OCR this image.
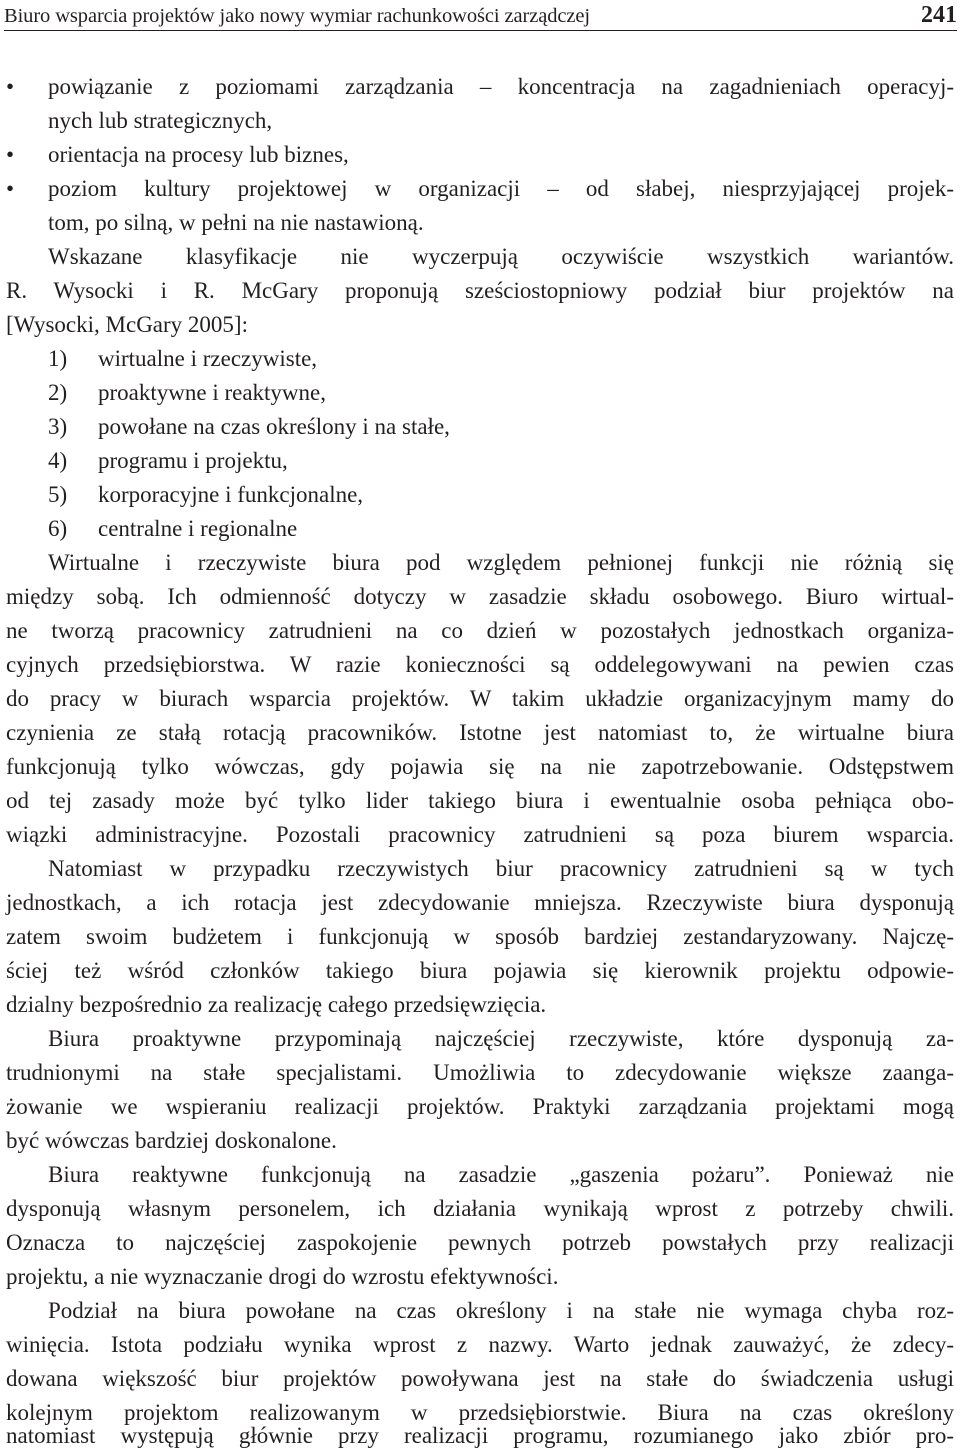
Biuro wsparcia projektów jako nowy wymiar rachunkowości zarządczej	241
• powiązanie z poziomami zarządzania – koncentracja na zagadnieniach operacyj-
nych lub strategicznych,
• orientacja na procesy lub biznes,
• poziom kultury projektowej w organizacji – od słabej, niesprzyjającej projek-
tom, po silną, w pełni na nie nastawioną.
Wskazane klasyfikacje nie wyczerpują oczywiście wszystkich wariantów.
R. Wysocki i R. McGary proponują sześciostopniowy podział biur projektów na
[Wysocki, McGary 2005]:
1) wirtualne i rzeczywiste,
2) proaktywne i reaktywne,
3) powołane na czas określony i na stałe,
4) programu i projektu,
5) korporacyjne i funkcjonalne,
6) centralne i regionalne
Wirtualne i rzeczywiste biura pod względem pełnionej funkcji nie różnią się
między sobą. Ich odmienność dotyczy w zasadzie składu osobowego. Biuro wirtual-
ne tworzą pracownicy zatrudnieni na co dzień w pozostałych jednostkach organiza-
cyjnych przedsiębiorstwa. W razie konieczności są oddelegowywani na pewien czas
do pracy w biurach wsparcia projektów. W takim układzie organizacyjnym mamy do
czynienia ze stałą rotacją pracowników. Istotne jest natomiast to, że wirtualne biura
funkcjonują tylko wówczas, gdy pojawia się na nie zapotrzebowanie. Odstępstwem
od tej zasady może być tylko lider takiego biura i ewentualnie osoba pełniąca obo-
wiązki administracyjne. Pozostali pracownicy zatrudnieni są poza biurem wsparcia.
Natomiast w przypadku rzeczywistych biur pracownicy zatrudnieni są w tych
jednostkach, a ich rotacja jest zdecydowanie mniejsza. Rzeczywiste biura dysponują
zatem swoim budżetem i funkcjonują w sposób bardziej zestandaryzowany. Najczę-
ściej też wśród członków takiego biura pojawia się kierownik projektu odpowie-
dzialny bezpośrednio za realizację całego przedsięwzięcia.
Biura proaktywne przypominają najczęściej rzeczywiste, które dysponują za-
trudnionymi na stałe specjalistami. Umożliwia to zdecydowanie większe zaanga-
żowanie we wspieraniu realizacji projektów. Praktyki zarządzania projektami mogą
być wówczas bardziej doskonalone.
Biura reaktywne funkcjonują na zasadzie „gaszenia pożaru”. Ponieważ nie
dysponują własnym personelem, ich działania wynikają wprost z potrzeby chwili.
Oznacza to najczęściej zaspokojenie pewnych potrzeb powstałych przy realizacji
projektu, a nie wyznaczanie drogi do wzrostu efektywności.
Podział na biura powołane na czas określony i na stałe nie wymaga chyba roz-
winięcia. Istota podziału wynika wprost z nazwy. Warto jednak zauważyć, że zdecy-
dowana większość biur projektów powoływana jest na stałe do świadczenia usługi
kolejnym projektom realizowanym w przedsiębiorstwie. Biura na czas określony
natomiast występują głównie przy realizacji programu, rozumianego jako zbiór pro-
